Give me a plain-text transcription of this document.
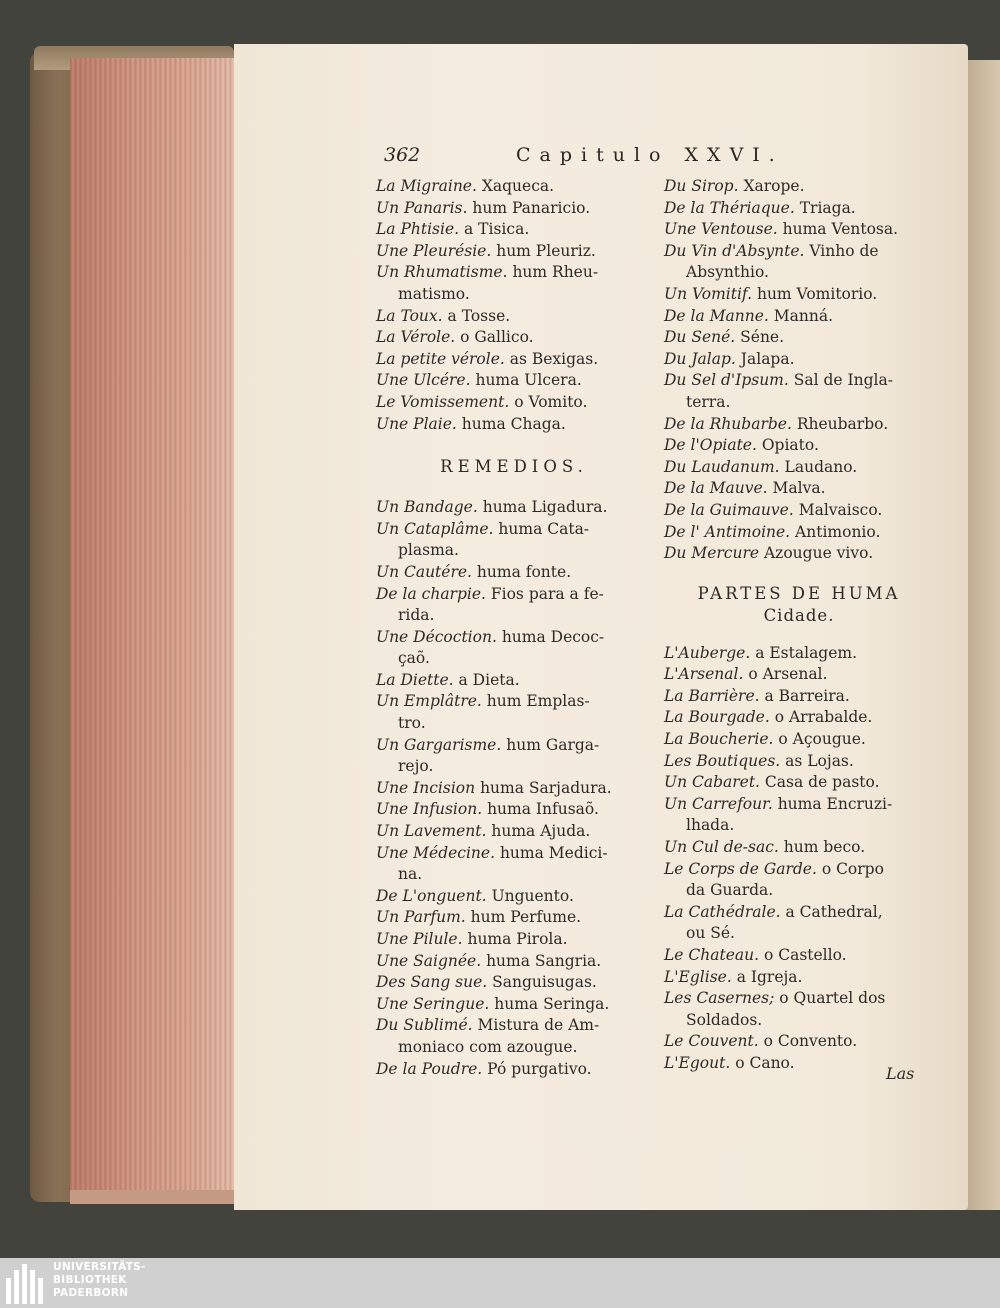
362	Capitulo XXVI.
La Migraine. Xaqueca.
Un Panaris. hum Panaricio.
La Phtisie. a Tisica.
Une Pleurésie. hum Pleuriz.
Un Rhumatisme. hum Rheu-
matismo.
La Toux. a Tosse.
La Vérole. o Gallico.
La petite vérole. as Bexigas.
Une Ulcére. huma Ulcera.
Le Vomissement. o Vomito.
Une Plaie. huma Chaga.
REMEDIOS.
Un Bandage. huma Ligadura.
Un Cataplâme. huma Cata-
plasma.
Un Cautére. huma fonte.
De la charpie. Fios para a fe-
rida.
Une Décoction. huma Decoc-
çaõ.
La Diette. a Dieta.
Un Emplâtre. hum Emplas-
tro.
Un Gargarisme. hum Garga-
rejo.
Une Incision huma Sarjadura.
Une Infusion. huma Infusaõ.
Un Lavement. huma Ajuda.
Une Médecine. huma Medici-
na.
De L'onguent. Unguento.
Un Parfum. hum Perfume.
Une Pilule. huma Pirola.
Une Saignée. huma Sangria.
Des Sang sue. Sanguisugas.
Une Seringue. huma Seringa.
Du Sublimé. Mistura de Am-
moniaco com azougue.
De la Poudre. Pó purgativo.
Du Sirop. Xarope.
De la Thériaque. Triaga.
Une Ventouse. huma Ventosa.
Du Vin d'Absynte. Vinho de
Absynthio.
Un Vomitif. hum Vomitorio.
De la Manne. Manná.
Du Sené. Séne.
Du Jalap. Jalapa.
Du Sel d'Ipsum. Sal de Ingla-
terra.
De la Rhubarbe. Rheubarbo.
De l'Opiate. Opiato.
Du Laudanum. Laudano.
De la Mauve. Malva.
De la Guimauve. Malvaisco.
De l' Antimoine. Antimonio.
Du Mercure Azougue vivo.
PARTES DE HUMA
Cidade.
L'Auberge. a Estalagem.
L'Arsenal. o Arsenal.
La Barrière. a Barreira.
La Bourgade. o Arrabalde.
La Boucherie. o Açougue.
Les Boutiques. as Lojas.
Un Cabaret. Casa de pasto.
Un Carrefour. huma Encruzi-
lhada.
Un Cul de-sac. hum beco.
Le Corps de Garde. o Corpo
da Guarda.
La Cathédrale. a Cathedral,
ou Sé.
Le Chateau. o Castello.
L'Eglise. a Igreja.
Les Casernes; o Quartel dos
Soldados.
Le Couvent. o Convento.
L'Egout. o Cano.
Las
UNIVERSITÄTS-
BIBLIOTHEK
PADERBORN
